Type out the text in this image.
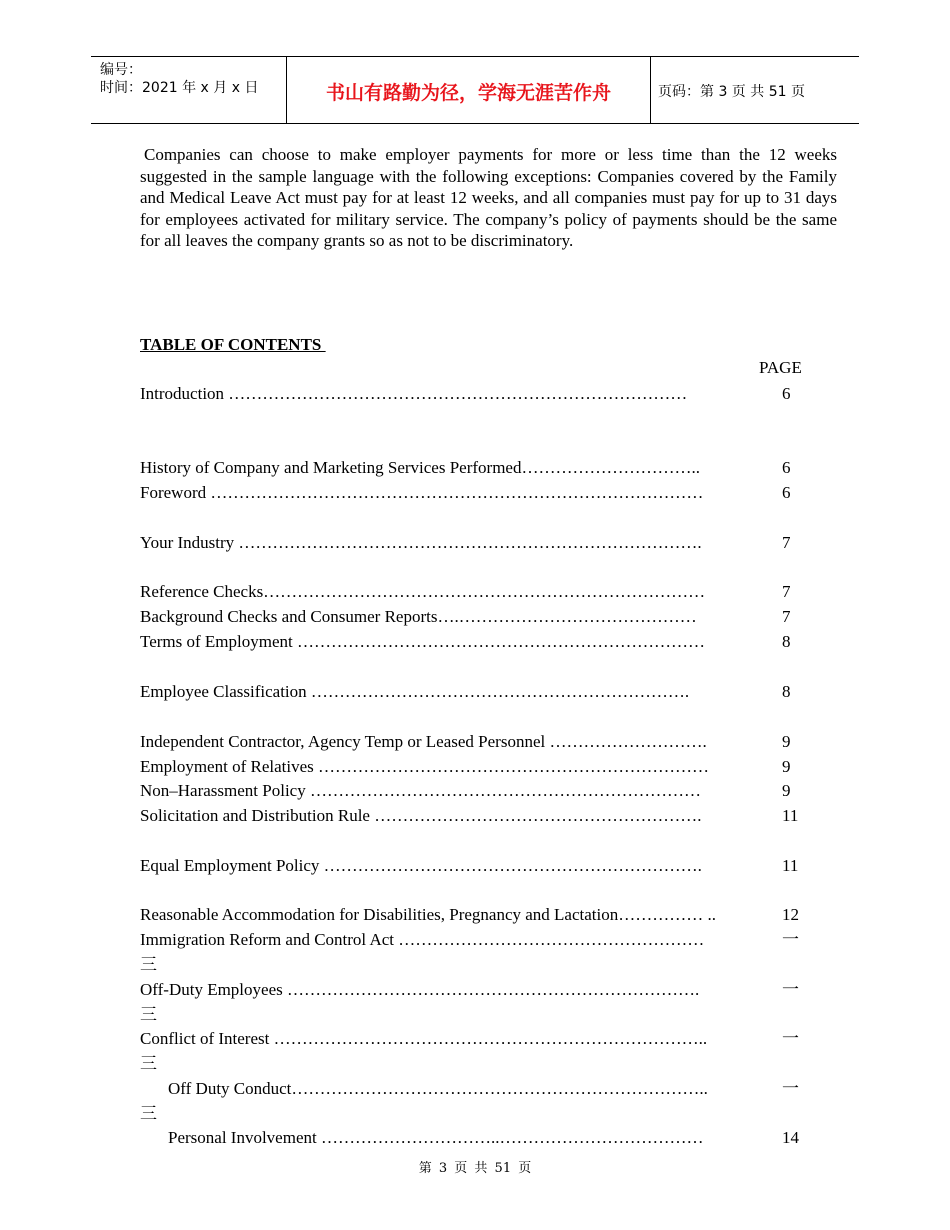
编号：
时间：2021 年 x 月 x 日	书山有路勤为径，学海无涯苦作舟	页码：第 3 页 共 51 页
Companies can choose to make employer payments for more or less time than the 12 weeks suggested in the sample language with the following exceptions: Companies covered by the Family and Medical Leave Act must pay for at least 12 weeks, and all companies must pay for up to 31 days for employees activated for military service. The company’s policy of payments should be the same for all leaves the company grants so as not to be discriminatory.
TABLE OF CONTENTS
PAGE
Introduction ………………………………………………………………………	6
History of Company and Marketing Services Performed…………………………..	6
Foreword ……………………………………………………………………………	6
Your Industry ……………………………………………………………………….	7
Reference Checks……………………………………………………………………	7
Background Checks and Consumer Reports….……………………………………	7
Terms of Employment ………………………………………………………………	8
Employee Classification ………………………………………………………….	8
Independent Contractor, Agency Temp or Leased Personnel ……………………….	9
Employment of Relatives ……………………………………………………………	9
Non–Harassment Policy ……………………………………………………………	9
Solicitation and Distribution Rule ………………………………………………….	11
Equal Employment Policy ………………………………………………………….	11
Reasonable Accommodation for Disabilities, Pregnancy and Lactation…………… ..	12
Immigration Reform and Control Act ………………………………………………	一
三
Off-Duty Employees ……………………………………………………………….	一
三
Conflict of Interest …………………………………………………………………..	一
三
Off Duty Conduct………………………………………………………………..	一
三
Personal Involvement …………………………..………………………………	14
第 3 页 共 51 页
